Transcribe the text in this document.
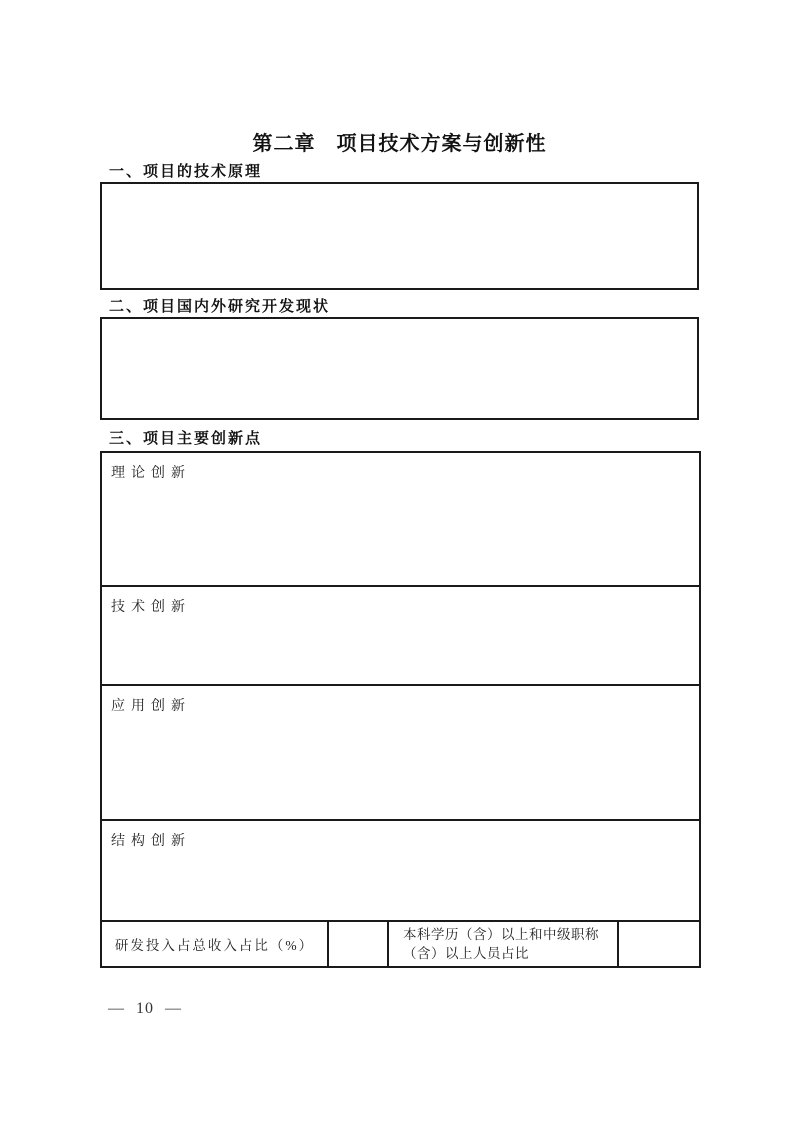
第二章　项目技术方案与创新性
一、项目的技术原理
二、项目国内外研究开发现状
三、项目主要创新点
理论创新
技术创新
应用创新
结构创新
研发投入占总收入占比（%）		本科学历（含）以上和中级职称（含）以上人员占比	
— 10 —
